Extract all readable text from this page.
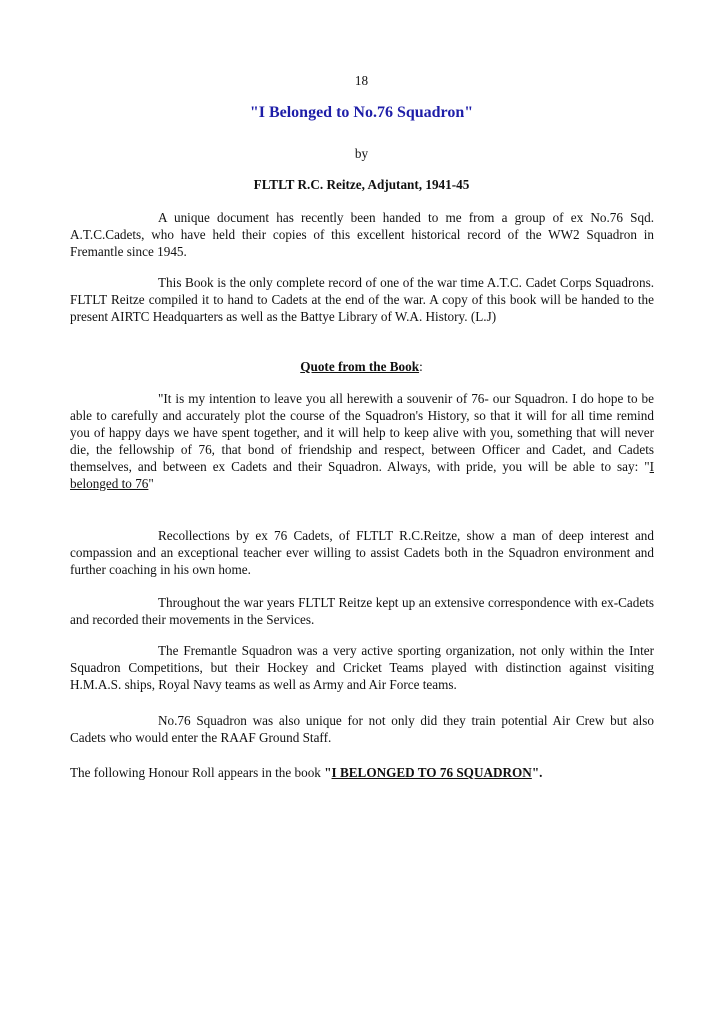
18
"I Belonged to No.76 Squadron"
by
FLTLT R.C. Reitze, Adjutant, 1941-45

A unique document has recently been handed to me from a group of ex No.76 Sqd. A.T.C.Cadets, who have held their copies of this excellent historical record of the WW2 Squadron in Fremantle since 1945.

This Book is the only complete record of one of the war time A.T.C. Cadet Corps Squadrons. FLTLT Reitze compiled it to hand to Cadets at the end of the war. A copy of this book will be handed to the present AIRTC Headquarters as well as the Battye Library of W.A. History. (L.J)

Quote from the Book:

"It is my intention to leave you all herewith a souvenir of 76- our Squadron. I do hope to be able to carefully and accurately plot the course of the Squadron's History, so that it will for all time remind you of happy days we have spent together, and it will help to keep alive with you, something that will never die, the fellowship of 76, that bond of friendship and respect, between Officer and Cadet, and Cadets themselves, and between ex Cadets and their Squadron. Always, with pride, you will be able to say: "I belonged to 76"

Recollections by ex 76 Cadets, of FLTLT R.C.Reitze, show a man of deep interest and compassion and an exceptional teacher ever willing to assist Cadets both in the Squadron environment and further coaching in his own home.

Throughout the war years FLTLT Reitze kept up an extensive correspondence with ex-Cadets and recorded their movements in the Services.

The Fremantle Squadron was a very active sporting organization, not only within the Inter Squadron Competitions, but their Hockey and Cricket Teams played with distinction against visiting H.M.A.S. ships, Royal Navy teams as well as Army and Air Force teams.

No.76 Squadron was also unique for not only did they train potential Air Crew but also Cadets who would enter the RAAF Ground Staff.

The following Honour Roll appears in the book "I BELONGED TO 76 SQUADRON".
